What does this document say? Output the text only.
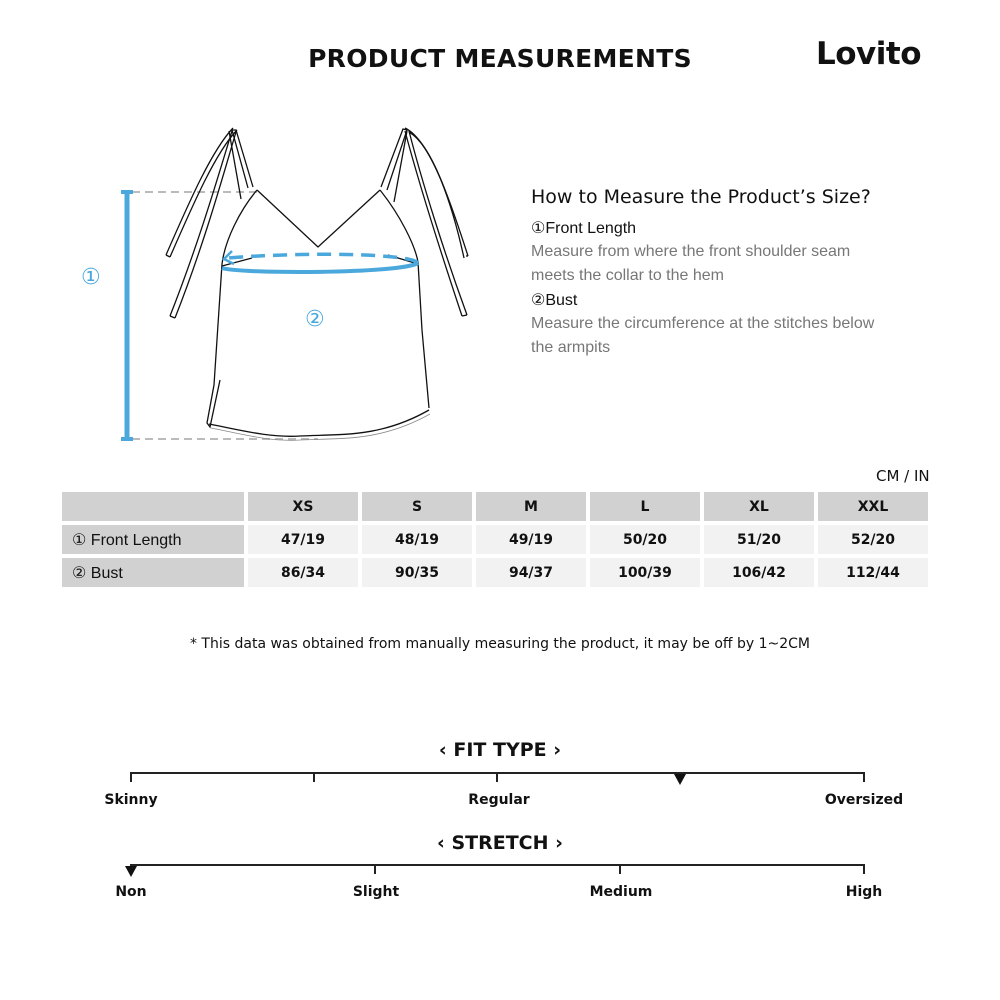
PRODUCT MEASUREMENTS	Lovito
①
②
How to Measure the Product’s Size?
①Front Length
Measure from where the front shoulder seam
meets the collar to the hem
②Bust
Measure the circumference at the stitches below
the armpits
CM / IN
	XS	S	M	L	XL	XXL
① Front Length	47/19	48/19	49/19	50/20	51/20	52/20
② Bust	86/34	90/35	94/37	100/39	106/42	112/44
* This data was obtained from manually measuring the product, it may be off by 1~2CM
‹ FIT TYPE ›
Skinny	Regular	Oversized
‹ STRETCH ›
Non	Slight	Medium	High
